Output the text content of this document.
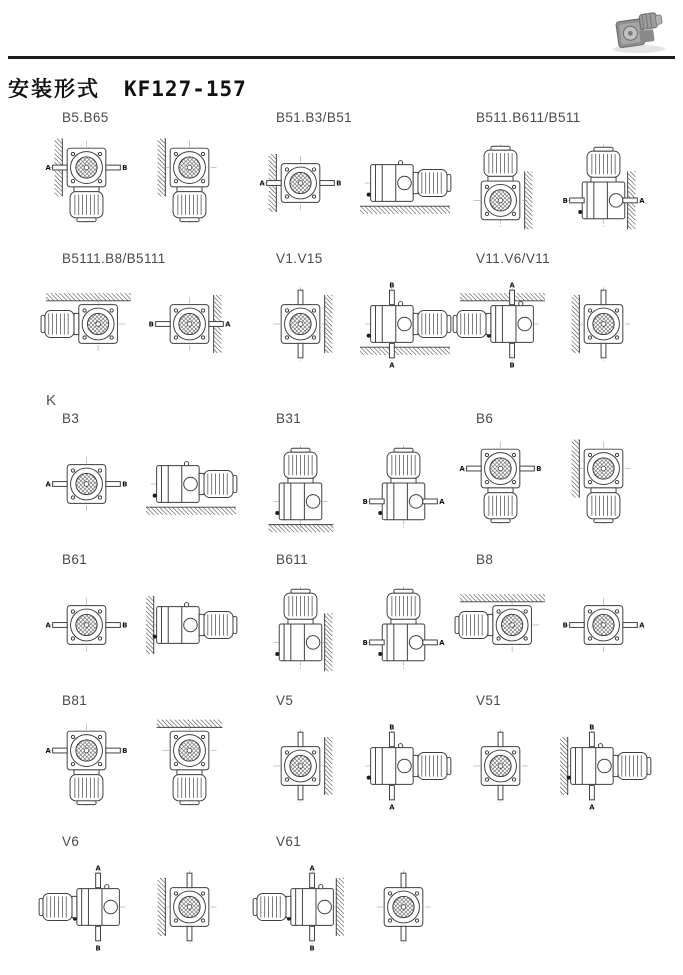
安装形式 KF127-157
B5.B65
A	B
B51.B3/B51
A	B
B511.B611/B511
B	A
B5111.B8/B5111
B	A
V1.V15
B
A
V11.V6/V11
A
B
K
B3
A	B
B31
B	A
B6
A	B
B61
A	B
B611
B	A
B8
B	A
B81
A	B
V5
B
A
V51
B
A
V6
A
B
V61
A
B
